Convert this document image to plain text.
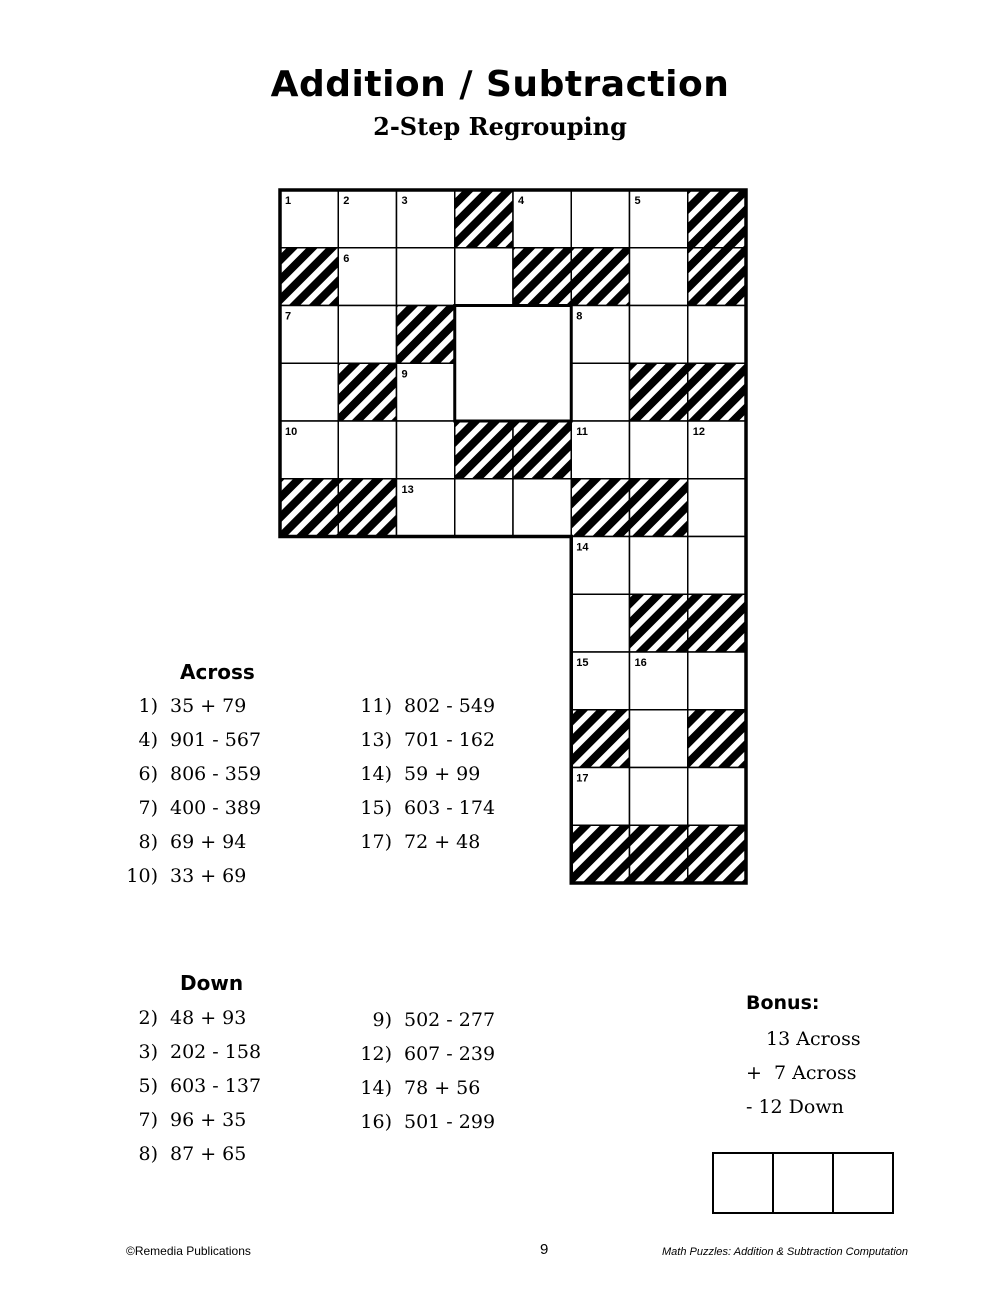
Addition / Subtraction
2-Step Regrouping
1	2	3	4	5
6
7	8
9
10	11	12
13
14
15	16
17
Across
1) 35 + 79
4) 901 - 567
6) 806 - 359
7) 400 - 389
8) 69 + 94
10) 33 + 69
11) 802 - 549
13) 701 - 162
14) 59 + 99
15) 603 - 174
17) 72 + 48
Down
2) 48 + 93
3) 202 - 158
5) 603 - 137
7) 96 + 35
8) 87 + 65
9) 502 - 277
12) 607 - 239
14) 78 + 56
16) 501 - 299
Bonus:
13 Across
+  7 Across
- 12 Down
©Remedia Publications	9	Math Puzzles: Addition & Subtraction Computation
